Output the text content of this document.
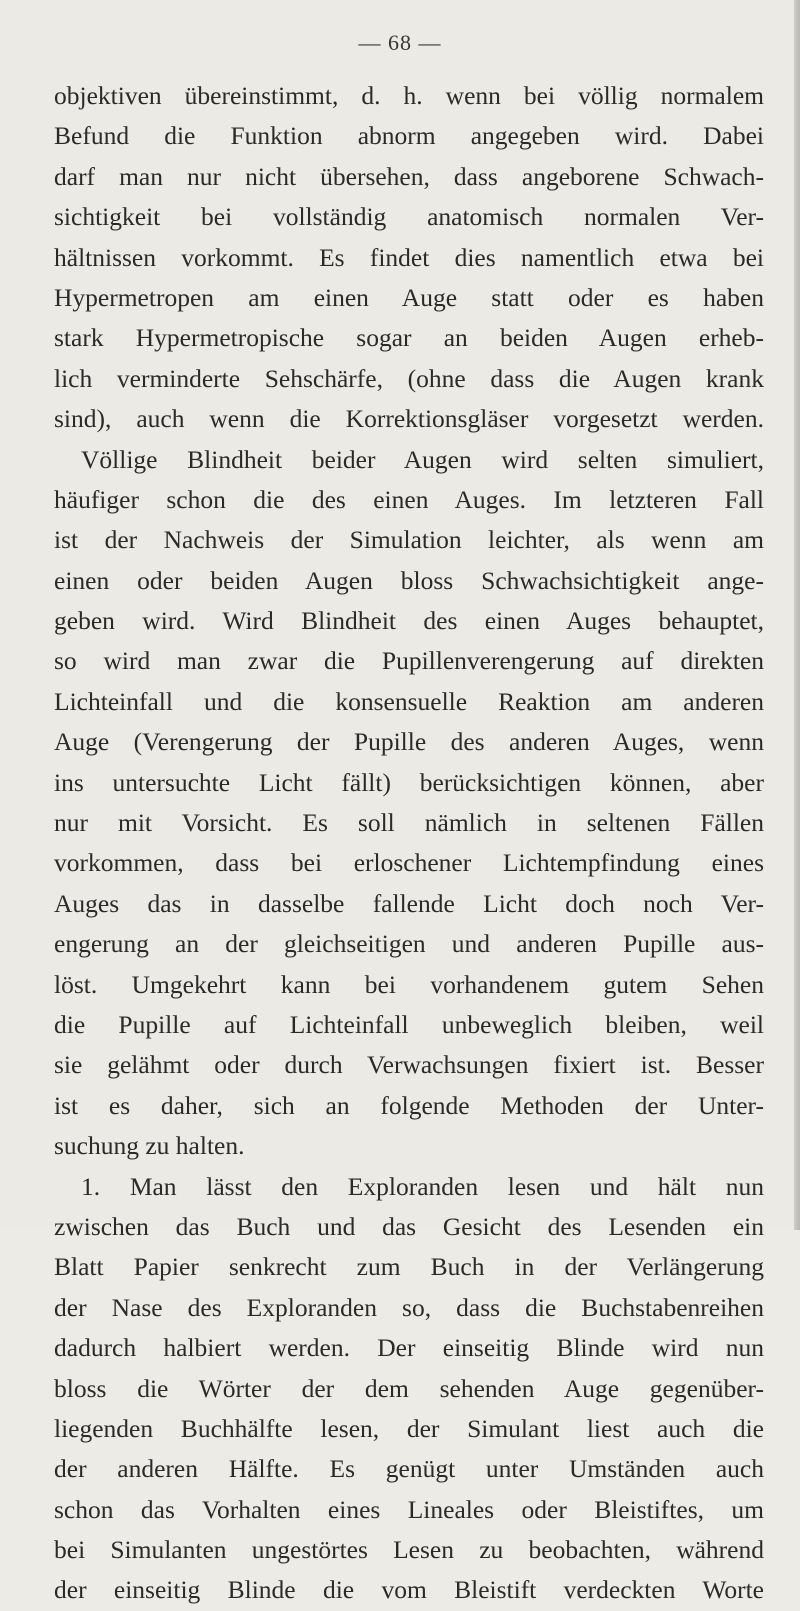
— 68 —
objektiven übereinstimmt, d. h. wenn bei völlig normalem
Befund die Funktion abnorm angegeben wird. Dabei
darf man nur nicht übersehen, dass angeborene Schwach-
sichtigkeit bei vollständig anatomisch normalen Ver-
hältnissen vorkommt. Es findet dies namentlich etwa bei
Hypermetropen am einen Auge statt oder es haben
stark Hypermetropische sogar an beiden Augen erheb-
lich verminderte Sehschärfe, (ohne dass die Augen krank
sind), auch wenn die Korrektionsgläser vorgesetzt werden.
Völlige Blindheit beider Augen wird selten simuliert,
häufiger schon die des einen Auges. Im letzteren Fall
ist der Nachweis der Simulation leichter, als wenn am
einen oder beiden Augen bloss Schwachsichtigkeit ange-
geben wird. Wird Blindheit des einen Auges behauptet,
so wird man zwar die Pupillenverengerung auf direkten
Lichteinfall und die konsensuelle Reaktion am anderen
Auge (Verengerung der Pupille des anderen Auges, wenn
ins untersuchte Licht fällt) berücksichtigen können, aber
nur mit Vorsicht. Es soll nämlich in seltenen Fällen
vorkommen, dass bei erloschener Lichtempfindung eines
Auges das in dasselbe fallende Licht doch noch Ver-
engerung an der gleichseitigen und anderen Pupille aus-
löst. Umgekehrt kann bei vorhandenem gutem Sehen
die Pupille auf Lichteinfall unbeweglich bleiben, weil
sie gelähmt oder durch Verwachsungen fixiert ist. Besser
ist es daher, sich an folgende Methoden der Unter-
suchung zu halten.
1. Man lässt den Exploranden lesen und hält nun
zwischen das Buch und das Gesicht des Lesenden ein
Blatt Papier senkrecht zum Buch in der Verlängerung
der Nase des Exploranden so, dass die Buchstabenreihen
dadurch halbiert werden. Der einseitig Blinde wird nun
bloss die Wörter der dem sehenden Auge gegenüber-
liegenden Buchhälfte lesen, der Simulant liest auch die
der anderen Hälfte. Es genügt unter Umständen auch
schon das Vorhalten eines Lineales oder Bleistiftes, um
bei Simulanten ungestörtes Lesen zu beobachten, während
der einseitig Blinde die vom Bleistift verdeckten Worte
